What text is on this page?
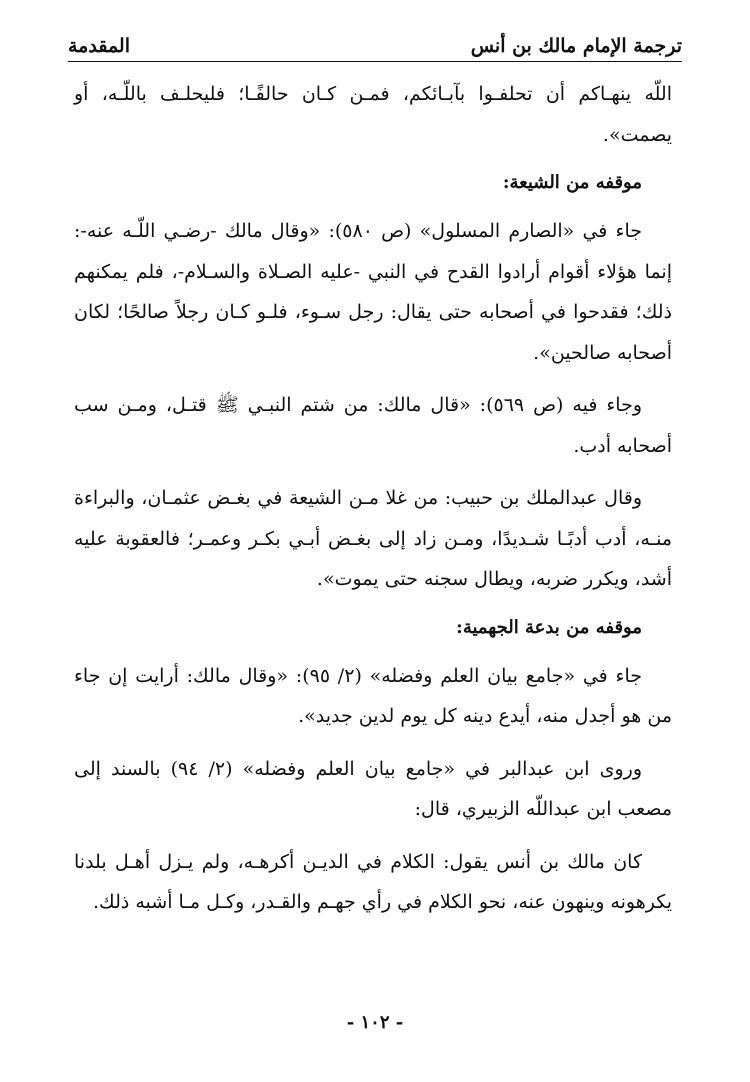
ترجمة الإمام مالك بن أنس
المقدمة

اللّه ينهـاكم أن تحلفـوا بآبـائكم، فمـن كـان حالفًـا؛ فليحلـف باللّـه، أو يصمت».

موقفه من الشيعة:

جاء في «الصارم المسلول» (ص ٥٨٠): «وقال مالك -رضـي اللّـه عنه-: إنما هؤلاء أقوام أرادوا القدح في النبي -عليه الصـلاة والسـلام-، فلم يمكنهم ذلك؛ فقدحوا في أصحابه حتى يقال: رجل سـوء، فلـو كـان رجلاً صالحًا؛ لكان أصحابه صالحين».

وجاء فيه (ص ٥٦٩): «قال مالك: من شتم النبـي ﷺ قتـل، ومـن سب أصحابه أدب.

وقال عبدالملك بن حبيب: من غلا مـن الشيعة في بغـض عثمـان، والبراءة منـه، أدب أدبًـا شـديدًا، ومـن زاد إلى بغـض أبـي بكـر وعمـر؛ فالعقوبة عليه أشد، ويكرر ضربه، ويطال سجنه حتى يموت».

موقفه من بدعة الجهمية:

جاء في «جامع بيان العلم وفضله» (٢/ ٩٥): «وقال مالك: أرايت إن جاء من هو أجدل منه، أيدع دينه كل يوم لدين جديد».

وروى ابن عبدالبر في «جامع بيان العلم وفضله» (٢/ ٩٤) بالسند إلى مصعب ابن عبداللّه الزبيري، قال:

كان مالك بن أنس يقول: الكلام في الديـن أكرهـه، ولم يـزل أهـل بلدنا يكرهونه وينهون عنه، نحو الكلام في رأي جهـم والقـدر، وكـل مـا أشبه ذلك.

- ١٠٢ -
